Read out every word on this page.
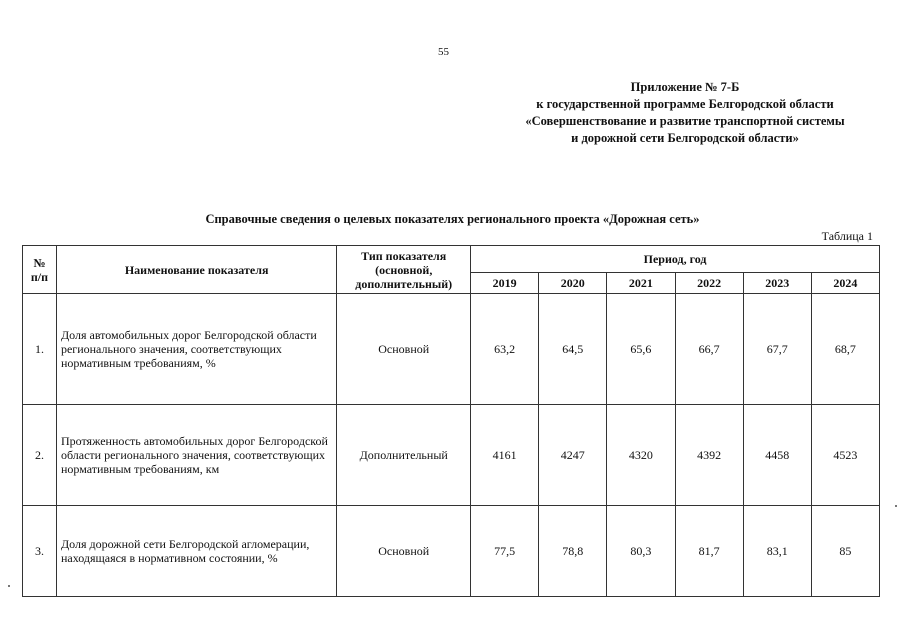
55
Приложение № 7-Б
к государственной программе Белгородской области
«Совершенствование и развитие транспортной системы
и дорожной сети Белгородской области»
Справочные сведения о целевых показателях регионального проекта «Дорожная сеть»
Таблица 1
№ п/п	Наименование показателя	Тип показателя (основной, дополнительный)	Период, год					
			2019	2020	2021	2022	2023	2024
1.	Доля автомобильных дорог Белгородской области регионального значения, соответствующих нормативным требованиям, %	Основной	63,2	64,5	65,6	66,7	67,7	68,7
2.	Протяженность автомобильных дорог Белгородской области регионального значения, соответствующих нормативным требованиям, км	Дополнительный	4161	4247	4320	4392	4458	4523
3.	Доля дорожной сети Белгородской агломерации, находящаяся в нормативном состоянии, %	Основной	77,5	78,8	80,3	81,7	83,1	85
